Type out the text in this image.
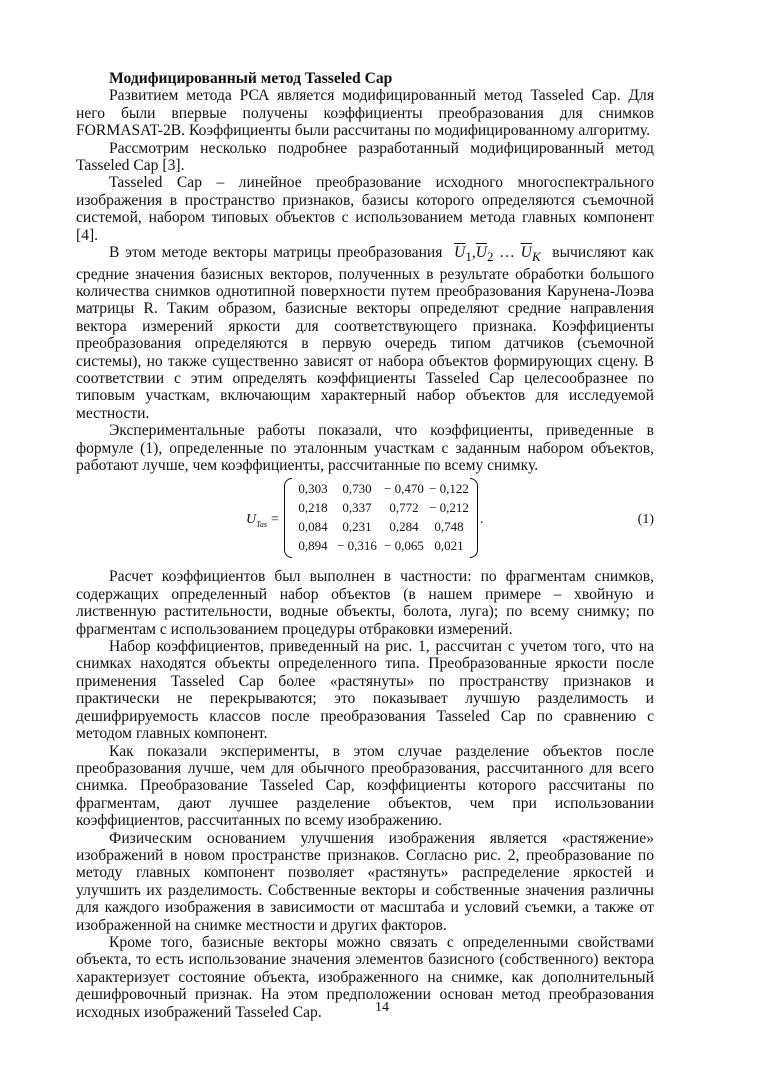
Модифицированный метод Tasseled Cap

Развитием метода РСА является модифицированный метод Tasseled Cap. Для него были впервые получены коэффициенты преобразования для снимков FORMASAT-2B. Коэффициенты были рассчитаны по модифицированному алгоритму.

Рассмотрим несколько подробнее разработанный модифицированный метод Tasseled Cap [3].

Tasseled Cap – линейное преобразование исходного многоспектрального изображения в пространство признаков, базисы которого определяются съемочной системой, набором типовых объектов с использованием метода главных компонент [4].

В этом методе векторы матрицы преобразования $\overline{U}_1,\overline{U}_2$ … $\overline{U}_K$ вычисляют как средние значения базисных векторов, полученных в результате обработки большого количества снимков однотипной поверхности путем преобразования Карунена-Лоэва матрицы R. Таким образом, базисные векторы определяют средние направления вектора измерений яркости для соответствующего признака. Коэффициенты преобразования определяются в первую очередь типом датчиков (съемочной системы), но также существенно зависят от набора объектов формирующих сцену. В соответствии с этим определять коэффициенты Tasseled Cap целесообразнее по типовым участкам, включающим характерный набор объектов для исследуемой местности.

Экспериментальные работы показали, что коэффициенты, приведенные в формуле (1), определенные по эталонным участкам с заданным набором объектов, работают лучше, чем коэффициенты, рассчитанные по всему снимку.

$U_{Tas}$ =
0,303	0,730	− 0,470	− 0,122
0,218	0,337	0,772	− 0,212
0,084	0,231	0,284	0,748
0,894	− 0,316	− 0,065	0,021
.	(1)

Расчет коэффициентов был выполнен в частности: по фрагментам снимков, содержащих определенный набор объектов (в нашем примере – хвойную и лиственную растительности, водные объекты, болота, луга); по всему снимку; по фрагментам с использованием процедуры отбраковки измерений.

Набор коэффициентов, приведенный на рис. 1, рассчитан с учетом того, что на снимках находятся объекты определенного типа. Преобразованные яркости после применения Tasseled Cap более «растянуты» по пространству признаков и практически не перекрываются; это показывает лучшую разделимость и дешифрируемость классов после преобразования Tasseled Cap по сравнению с методом главных компонент.

Как показали эксперименты, в этом случае разделение объектов после преобразования лучше, чем для обычного преобразования, рассчитанного для всего снимка. Преобразование Tasseled Cap, коэффициенты которого рассчитаны по фрагментам, дают лучшее разделение объектов, чем при использовании коэффициентов, рассчитанных по всему изображению.

Физическим основанием улучшения изображения является «растяжение» изображений в новом пространстве признаков. Согласно рис. 2, преобразование по методу главных компонент позволяет «растянуть» распределение яркостей и улучшить их разделимость. Собственные векторы и собственные значения различны для каждого изображения в зависимости от масштаба и условий съемки, а также от изображенной на снимке местности и других факторов.

Кроме того, базисные векторы можно связать с определенными свойствами объекта, то есть использование значения элементов базисного (собственного) вектора характеризует состояние объекта, изображенного на снимке, как дополнительный дешифровочный признак. На этом предположении основан метод преобразования исходных изображений Tasseled Cap.	14
